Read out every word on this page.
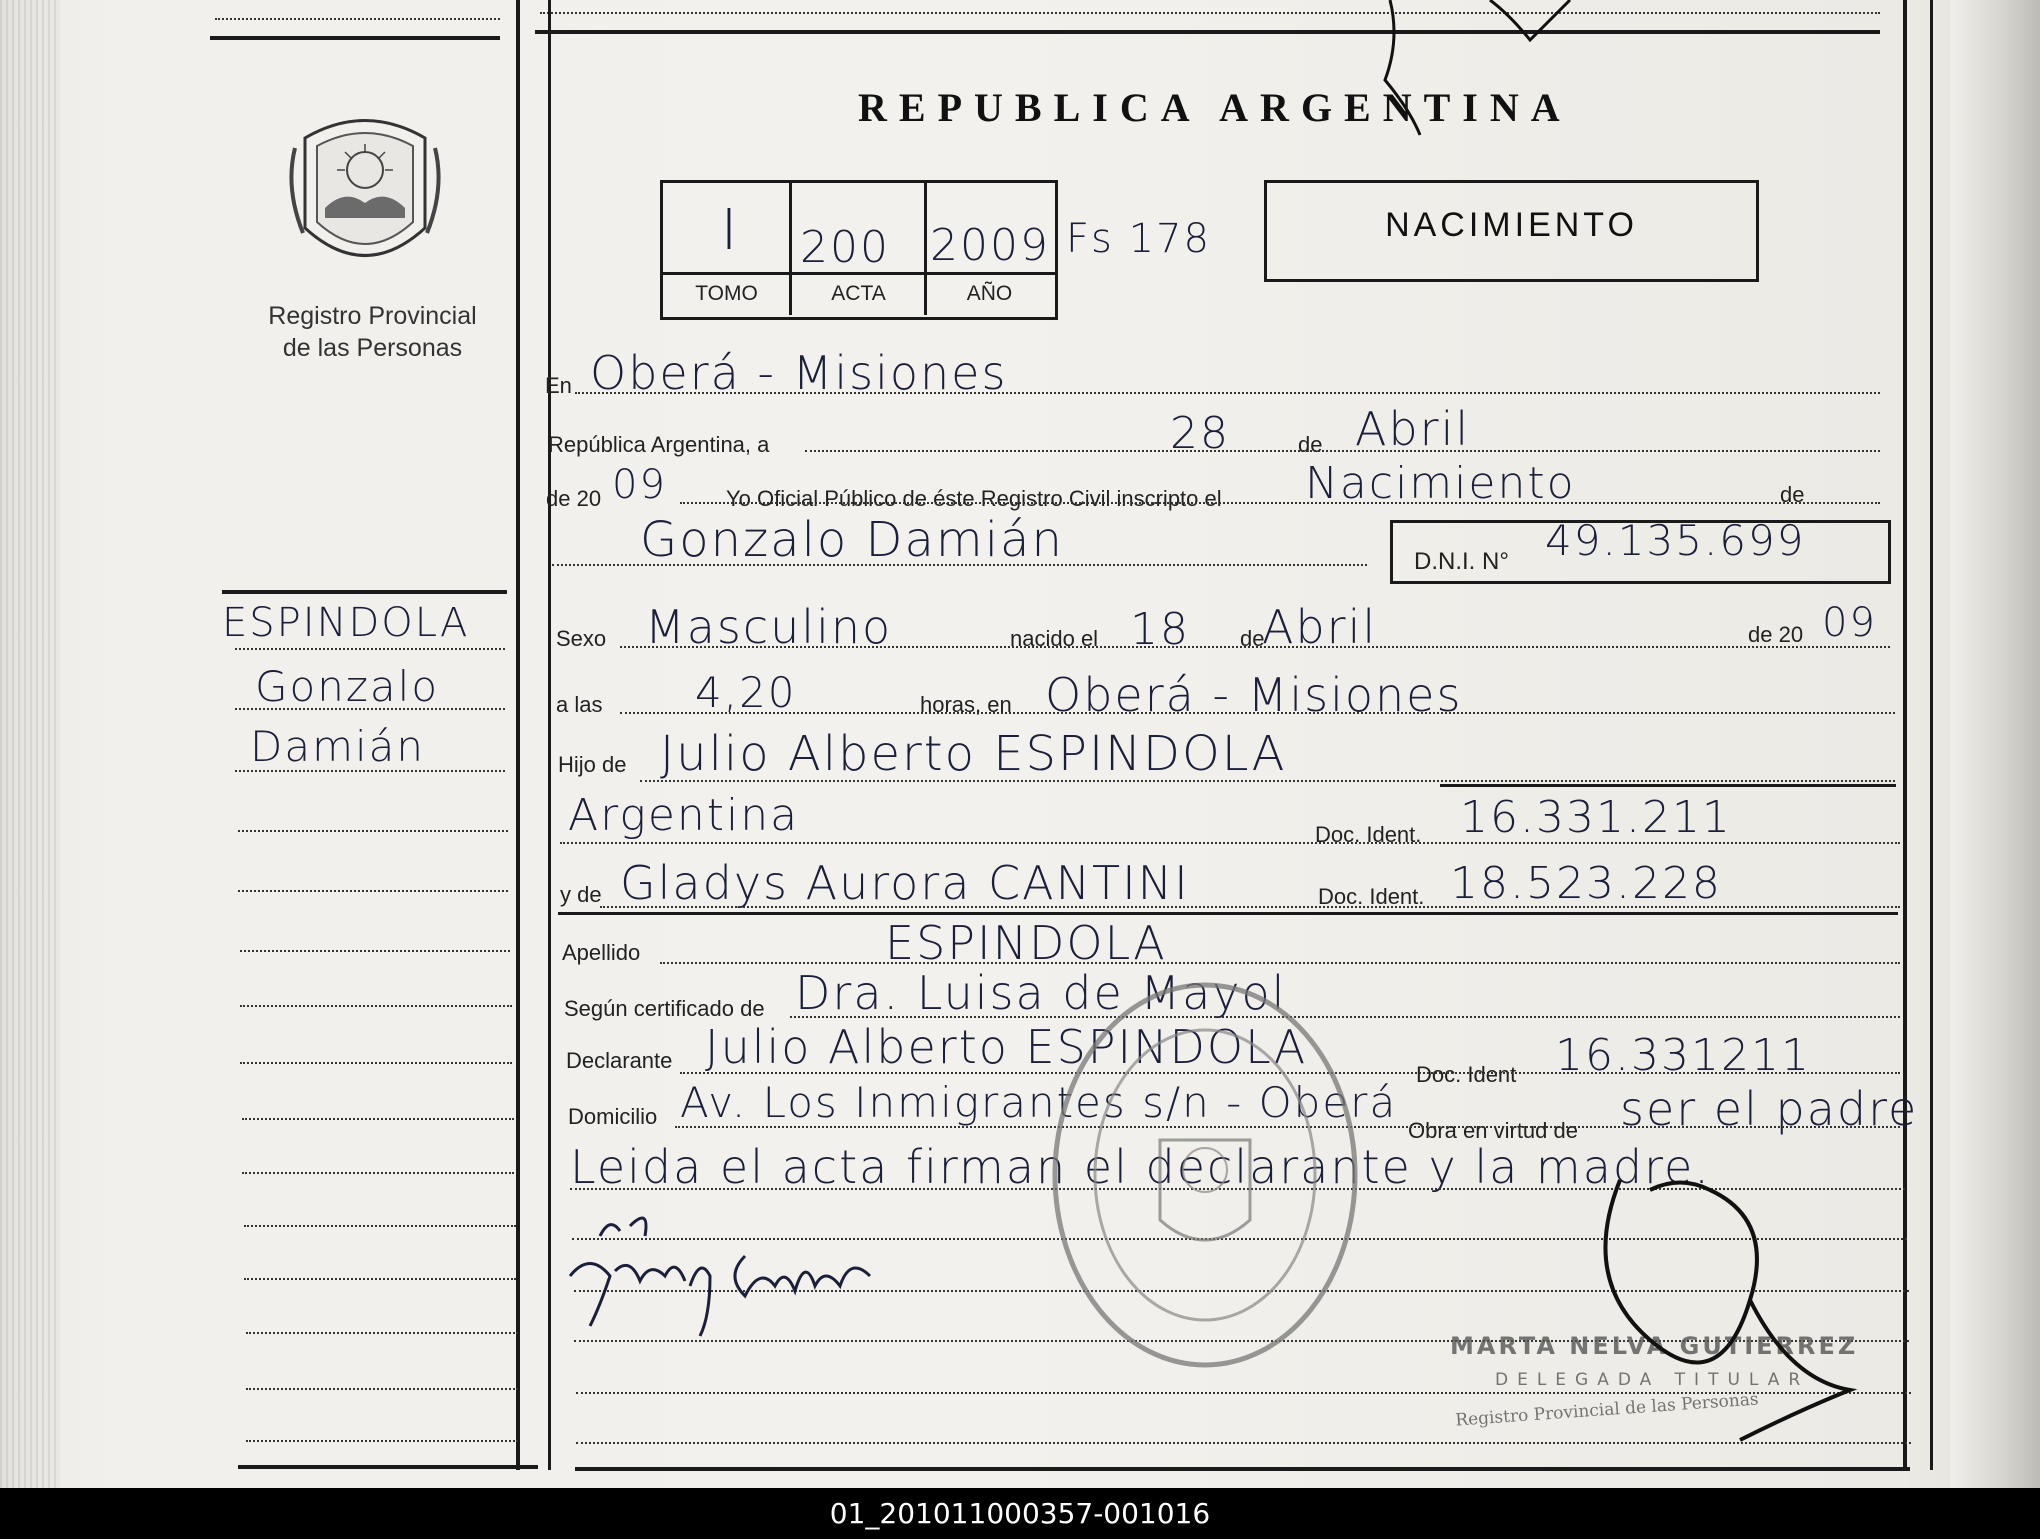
Registro Provincial
de las Personas
ESPINDOLA
Gonzalo
Damián
REPUBLICA ARGENTINA
I	200 2009
TOMO	ACTA	AÑO
Fs 178	NACIMIENTO
En Oberá - Misiones
República Argentina, a	28	de Abril
de 20 09	Yo Oficial Público de éste Registro Civil inscripto el Nacimiento	de
Gonzalo Damián	D.N.I. N° 49.135.699
Sexo Masculino	nacido el 18 de
Abril	de 20 09
a las 4,20	horas, en Oberá - Misiones
Hijo de Julio Alberto ESPINDOLA
Argentina	Doc. Ident. 16.331.211
y de Gladys Aurora CANTINI	Doc. Ident. 18.523.228
Apellido	ESPINDOLA
Según certificado de Dra. Luisa de Mayol
Declarante Julio Alberto ESPINDOLA
Doc. Ident 16.331211
Domicilio Av. Los Inmigrantes s/n - Oberá
Obra en virtud de ser el padre
Leida el acta firman el declarante y la madre.
MARTA NELVA GUTIERREZ
DELEGADA TITULAR
Registro Provincial de las Personas
01_201011000357-001016
